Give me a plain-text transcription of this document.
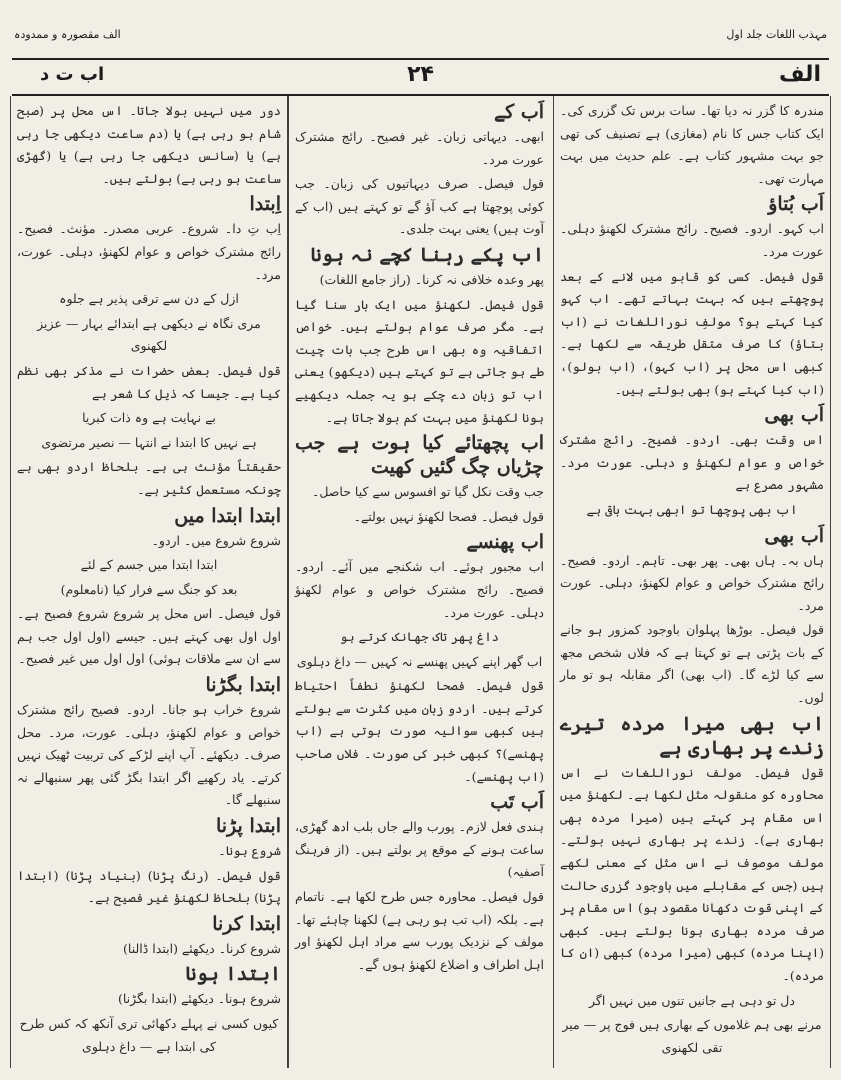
مہذب اللغات جلد اول
الف مقصورہ و ممدودہ
اب ت د	۲۴	الف
مندرہ کا گزر نہ دیا تھا۔ سات برس تک گزری کی۔ ایک کتاب جس کا نام (مغازی) ہے تصنیف کی تھی جو بہت مشہور کتاب ہے۔ علم حدیث میں بہت مہارت تھی۔
اَب بُتاؤ
اب کہو۔ اردو۔ فصیح۔ رائج مشترک لکھنؤ دہلی۔ عورت مرد۔
قول فیصل۔ کسی کو قابو میں لانے کے بعد پوچھتے ہیں کہ بہت بہاتے تھے۔ اب کہو کیا کہتے ہو؟ مولفِ نوراللغات نے (اب بتاؤ) کا صرف متقل طریقہ سے لکھا ہے۔ کبھی اس محل پر (اب کہو)، (اب بولو)، (اب کیا کہتے ہو) بھی بولتے ہیں۔
اَب بھی
اس وقت بھی۔ اردو۔ فصیح۔ رائج مشترک خواص و عوام لکھنؤ و دہلی۔ عورت مرد۔ مشہور مصرع ہے
اب بھی پوچھا تو ابھی بہت باقی ہے
اَب بھی
ہاں بہ۔ ہاں بھی۔ پھر بھی۔ تاہم۔ اردو۔ فصیح۔ رائج مشترک خواص و عوام لکھنؤ، دہلی۔ عورت مرد۔
قول فیصل۔ بوڑھا پہلوان باوجود کمزور ہو جانے کے بات پڑتی ہے تو کہتا ہے کہ فلاں شخص مجھ سے کیا لڑے گا۔ (اب بھی) اگر مقابلہ ہو تو مار لوں۔
اب بھی میرا مردہ تیرے زندے پر بھاری ہے
قول فیصل۔ مولف نوراللغات نے اس محاورہ کو منقولہ مثل لکھا ہے۔ لکھنؤ میں اس مقام پر کہتے ہیں (میرا مردہ بھی بھاری ہے)۔ زندے پر بھاری نہیں بولتے۔ مولف موصوف نے اس مثل کے معنی لکھے ہیں (جس کے مقابلے میں باوجود گزری حالت کے اپنی قوت دکھانا مقصود ہو) اس مقام پر صرف مردہ بھاری ہونا بولتے ہیں۔ کبھی (اپنا مردہ) کبھی (میرا مردہ) کبھی (ان کا مردہ)۔
دل تو دہی ہے جانیں تنوں میں نہیں اگر
مرنے بھی ہم غلاموں کے بھاری ہیں فوج پر — میر تقی لکھنوی
اَب کے
ابھی۔ دیہاتی زبان۔ غیر فصیح۔ رائج مشترک عورت مرد۔
قول فیصل۔ صرف دیہاتیوں کی زبان۔ جب کوئی پوچھتا ہے کب آؤ گے تو کہتے ہیں (اب کے آوت ہیں) یعنی بہت جلدی۔
اب پکے رہنا کچے نہ ہونا
پھر وعدہ خلافی نہ کرنا۔ (راز جامع اللغات)
قول فیصل۔ لکھنؤ میں ایک بار سنا گیا ہے۔ مگر صرف عوام بولتے ہیں۔ خواص اتفاقیہ وہ بھی اس طرح جب بات چیت طے ہو جاتی ہے تو کہتے ہیں (دیکھو) یعنی اب تو زبان دے چکے ہو یہ جملہ دیکھیے ہونا لکھنؤ میں بہت کم بولا جاتا ہے۔
اب پچھتائے کیا ہوت ہے جب چڑیاں چگ گئیں کھیت
جب وقت نکل گیا تو افسوس سے کیا حاصل۔
قول فیصل۔ فصحا لکھنؤ نہیں بولتے۔
اب پھنسے
اب مجبور ہوئے۔ اب شکنجے میں آئے۔ اردو۔ فصیح۔ رائج مشترک خواص و عوام لکھنؤ دہلی۔ عورت مرد۔
داغ پھر تاک جھانک کرتے ہو
اب گھر اپنے کہیں پھنسے نہ کہیں — داغ دہلوی
قول فیصل۔ فصحا لکھنؤ نطفاً احتیاط کرتے ہیں۔ اردو زبان میں کثرت سے بولتے ہیں کبھی سوالیہ صورت ہوتی ہے (اب پھنسے)؟ کبھی خبر کی صورت۔ فلاں صاحب (اب پھنسے)۔
اَب تَب
ہندی فعل لازم۔ پورب والے جاں بلب ادھ گھڑی، ساعت ہونے کے موقع پر بولتے ہیں۔ (از فرہنگ آصفیہ)
قول فیصل۔ محاورہ جس طرح لکھا ہے۔ ناتمام ہے۔ بلکہ (اب تب ہو رہی ہے) لکھنا چاہئے تھا۔ مولف کے نزدیک پورب سے مراد اہل لکھنؤ اور اہل اطراف و اضلاع لکھنؤ ہوں گے۔
دور میں نہیں بولا جاتا۔ اس محل پر (صبح شام ہو رہی ہے) یا (دم ساعت دیکھی جا رہی ہے) یا (سانس دیکھی جا رہی ہے) یا (گھڑی ساعت ہو رہی ہے) بولتے ہیں۔
اِبتدا
اِب تِ دا۔ شروع۔ عربی مصدر۔ مؤنث۔ فصیح۔ رائج مشترک خواص و عوام لکھنؤ، دہلی۔ عورت، مرد۔
ازل کے دن سے ترقی پذیر ہے جلوہ
مری نگاہ نے دیکھی ہے ابتدائے بہار — عزیز لکھنوی
قول فیصل۔ بعض حضرات نے مذکر بھی نظم کیا ہے۔ جیسا کہ ذیل کا شعر ہے
بے نہایت ہے وہ ذات کبریا
ہے نہیں کا ابتدا نے انتہا — نصیر مرتضوی
حقیقتاً مؤنث ہی ہے۔ بلحاظ اردو بھی ہے چونکہ مستعمل کثیر ہے۔
ابتدا ابتدا میں
شروع شروع میں۔ اردو۔
ابتدا ابتدا میں جسم کے لئے
بعد کو جنگ سے فرار کیا (نامعلوم)
قول فیصل۔ اس محل پر شروع شروع فصیح ہے۔ اول اول بھی کہتے ہیں۔ جیسے (اول اول جب ہم سے ان سے ملاقات ہوئی) اول اول میں غیر فصیح۔
ابتدا بگڑنا
شروع خراب ہو جانا۔ اردو۔ فصیح رائج مشترک خواص و عوام لکھنؤ، دہلی۔ عورت، مرد۔ محل صرف۔ دیکھئے۔ آپ اپنے لڑکے کی تربیت ٹھیک نہیں کرتے۔ یاد رکھیے اگر ابتدا بگڑ گئی پھر سنبھالے نہ سنبھلے گا۔
ابتدا پڑنا
شروع ہونا۔
قول فیصل۔ (رنگ پڑنا) (بنیاد پڑنا) (ابتدا پڑنا) بلحاظ لکھنؤ غیر فصیح ہے۔
ابتدا کرنا
شروع کرنا۔ دیکھئے (ابتدا ڈالنا)
ابتدا ہونا
شروع ہونا۔ دیکھئے (ابتدا بگڑنا)
کیوں کسی نے پہلے دکھائی تری آنکھ کہ کس طرح کی ابتدا ہے — داغ دہلوی
